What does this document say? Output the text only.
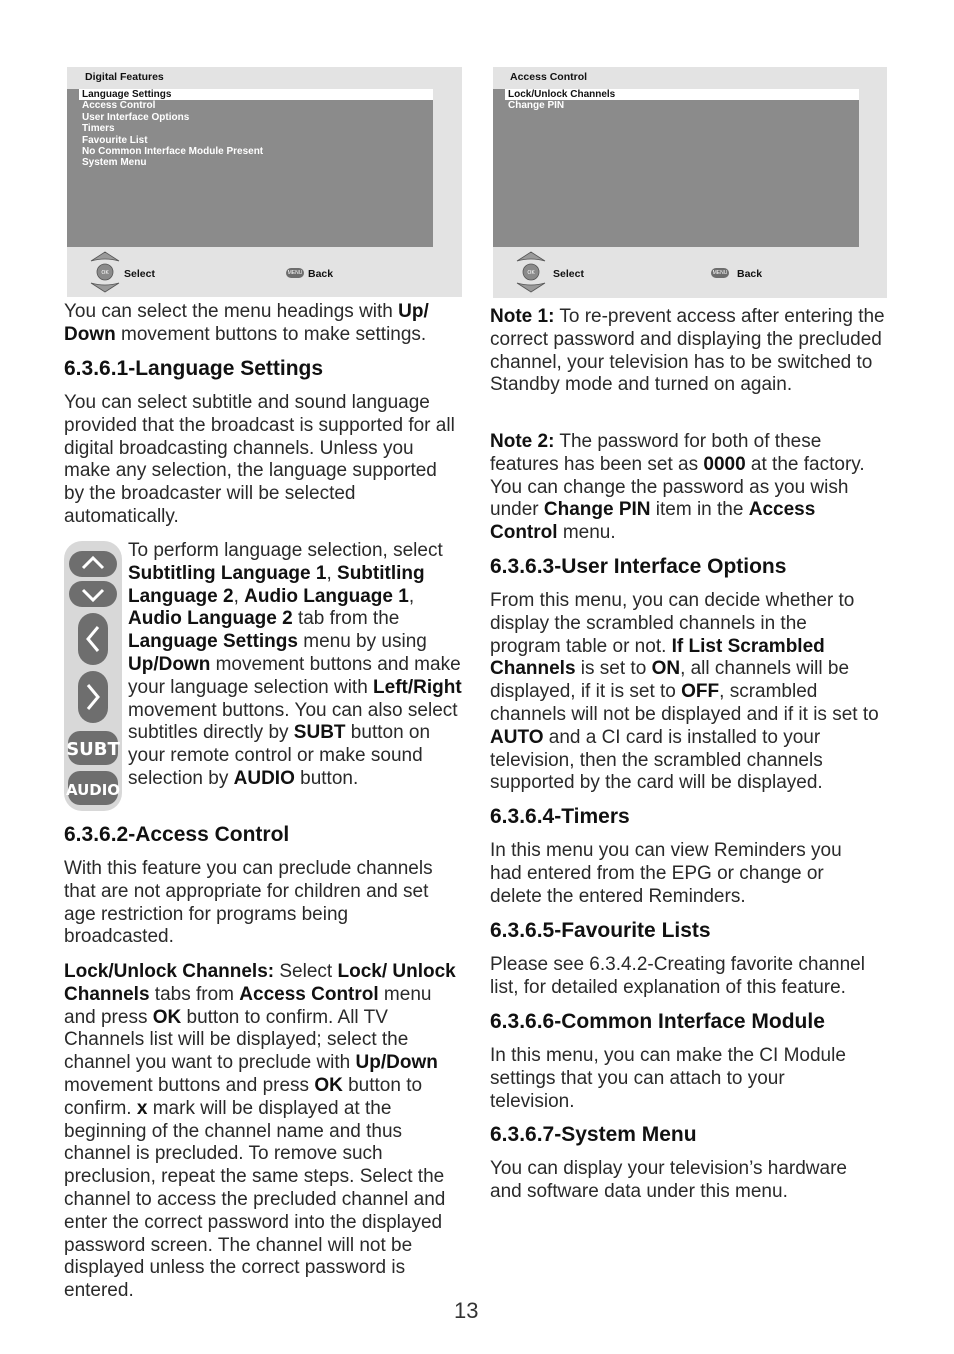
Digital Features
Language Settings
Access Control
User Interface Options
Timers
Favourite List
No Common Interface Module Present
System Menu
OK Select	MENU Back
Access Control
Lock/Unlock Channels
Change PIN
OK Select	MENU Back

You can select the menu headings with Up/ Down movement buttons to make settings.

6.3.6.1-Language Settings

You can select subtitle and sound language provided that the broadcast is supported for all digital broadcasting channels. Unless you make any selection, the language supported by the broadcaster will be selected automatically.

SUBT
AUDIO

To perform language selection, select Subtitling Language 1, Subtitling Language 2, Audio Language 1, Audio Language 2 tab from the Language Settings menu by using Up/Down movement buttons and make your language selection with Left/Right movement buttons. You can also select subtitles directly by SUBT button on your remote control or make sound selection by AUDIO button.

6.3.6.2-Access Control

With this feature you can preclude channels that are not appropriate for children and set age restriction for programs being broadcasted.

Lock/Unlock Channels: Select Lock/ Unlock Channels tabs from Access Control menu and press OK button to confirm. All TV Channels list will be displayed; select the channel you want to preclude with Up/Down movement buttons and press OK button to confirm. x mark will be displayed at the beginning of the channel name and thus channel is precluded. To remove such preclusion, repeat the same steps. Select the channel to access the precluded channel and enter the correct password into the displayed password screen. The channel will not be displayed unless the correct password is entered.

Note 1: To re-prevent access after entering the correct password and displaying the precluded channel, your television has to be switched to Standby mode and turned on again.

Note 2: The password for both of these features has been set as 0000 at the factory. You can change the password as you wish under Change PIN item in the Access Control menu.

6.3.6.3-User Interface Options

From this menu, you can decide whether to display the scrambled channels in the program table or not. If List Scrambled Channels is set to ON, all channels will be displayed, if it is set to OFF, scrambled channels will not be displayed and if it is set to AUTO and a CI card is installed to your television, then the scrambled channels supported by the card will be displayed.

6.3.6.4-Timers

In this menu you can view Reminders you had entered from the EPG or change or delete the entered Reminders.

6.3.6.5-Favourite Lists

Please see 6.3.4.2-Creating favorite channel list, for detailed explanation of this feature.

6.3.6.6-Common Interface Module

In this menu, you can make the CI Module settings that you can attach to your television.

6.3.6.7-System Menu

You can display your television’s hardware and software data under this menu.

13
